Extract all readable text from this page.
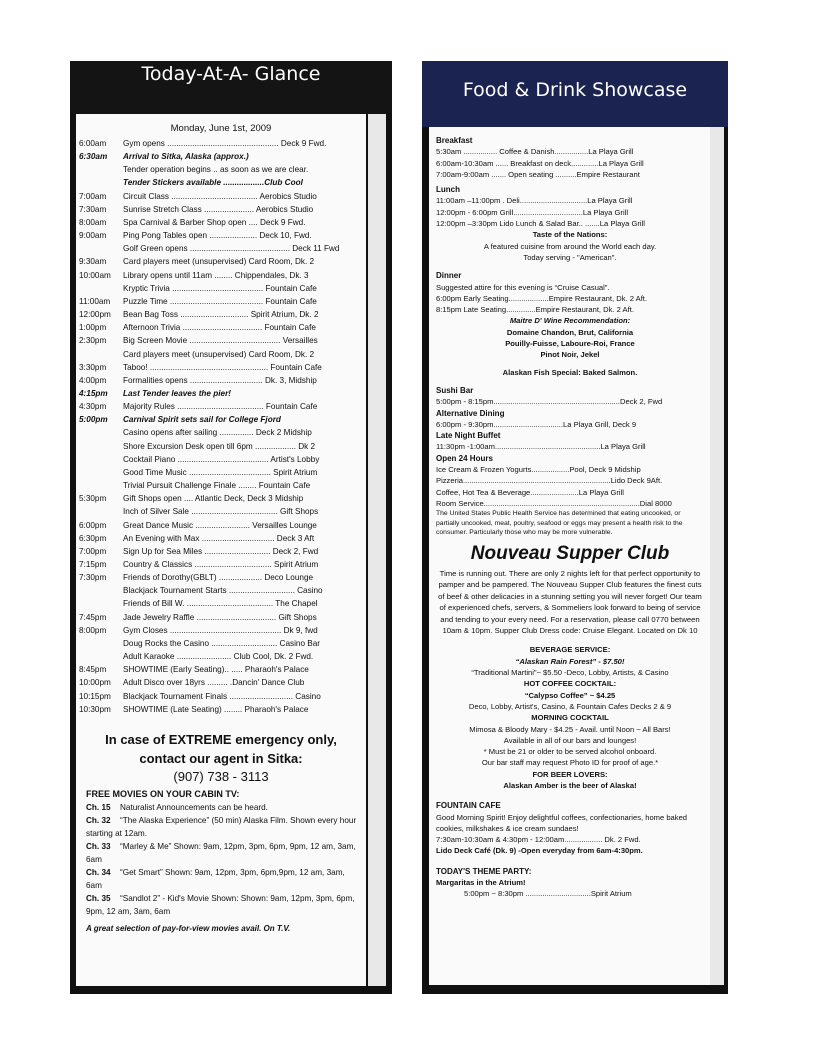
Today-At-A- Glance
Monday, June 1st, 2009
6:00am	Gym opens ................................................. Deck 9 Fwd.
6:30am	Arrival to Sitka, Alaska (approx.)
Tender operation begins .. as soon as we are clear.
Tender Stickers available ..................Club Cool
7:00am	Circuit Class ...................................... Aerobics Studio
7:30am	Sunrise Stretch Class ...................... Aerobics Studio
8:00am	Spa Carnival & Barber Shop open .... Deck 9 Fwd.
9:00am	Ping Pong Tables open ..................... Deck 10, Fwd.
Golf Green opens ............................................ Deck 11 Fwd
9:30am	Card players meet (unsupervised) Card Room, Dk. 2
10:00am	Library opens until 11am ........ Chippendales, Dk. 3
Kryptic Trivia ........................................ Fountain Cafe
11:00am	Puzzle Time ......................................... Fountain Cafe
12:00pm	Bean Bag Toss .............................. Spirit Atrium, Dk. 2
1:00pm	Afternoon Trivia ................................... Fountain Cafe
2:30pm	Big Screen Movie ........................................ Versailles
Card players meet (unsupervised) Card Room, Dk. 2
3:30pm	Taboo! .................................................... Fountain Cafe
4:00pm	Formalities opens ................................ Dk. 3, Midship
4:15pm	Last Tender leaves the pier!
4:30pm	Majority Rules ...................................... Fountain Cafe
5:00pm	Carnival Spirit sets sail for College Fjord
Casino opens after sailing ............... Deck 2 Midship
Shore Excursion Desk open till 6pm .................. Dk 2
Cocktail Piano ........................................ Artist's Lobby
Good Time Music .................................... Spirit Atrium
Trivial Pursuit Challenge Finale ........ Fountain Cafe
5:30pm	Gift Shops open .... Atlantic Deck, Deck 3 Midship
Inch of Silver Sale ...................................... Gift Shops
6:00pm	Great Dance Music ........................ Versailles Lounge
6:30pm	An Evening with Max ................................ Deck 3 Aft
7:00pm	Sign Up for Sea Miles ............................. Deck 2, Fwd
7:15pm	Country & Classics .................................. Spirit Atrium
7:30pm	Friends of Dorothy(GBLT) ................... Deco Lounge
Blackjack Tournament Starts ............................. Casino
Friends of Bill W. ...................................... The Chapel
7:45pm	Jade Jewelry Raffle ................................... Gift Shops
8:00pm	Gym Closes ................................................. Dk 9, fwd
Doug Rocks the Casino ............................. Casino Bar
Adult Karaoke ........................ Club Cool, Dk. 2 Fwd.
8:45pm	SHOWTIME (Early Seating).. ..... Pharaoh's Palace
10:00pm	Adult Disco over 18yrs ......... .Dancin' Dance Club
10:15pm	Blackjack Tournament Finals ............................ Casino
10:30pm	SHOWTIME (Late Seating) ........ Pharaoh's Palace
In case of EXTREME emergency only,
contact our agent in Sitka:
(907) 738 - 3113
FREE MOVIES ON YOUR CABIN TV:
Ch. 15 Naturalist Announcements can be heard.
Ch. 32 “The Alaska Experience” (50 min) Alaska Film. Shown every hour starting at 12am.
Ch. 33 “Marley & Me” Shown: 9am, 12pm, 3pm, 6pm, 9pm, 12 am, 3am, 6am
Ch. 34 “Get Smart” Shown: 9am, 12pm, 3pm, 6pm,9pm, 12 am, 3am, 6am
Ch. 35 “Sandlot 2” - Kid's Movie Shown: Shown: 9am, 12pm, 3pm, 6pm, 9pm, 12 am, 3am, 6am
A great selection of pay-for-view movies avail. On T.V.
Food & Drink Showcase
Breakfast
5:30am ................ Coffee & Danish................La Playa Grill
6:00am-10:30am ...... Breakfast on deck.............La Playa Grill
7:00am-9:00am ....... Open seating ..........Empire Restaurant
Lunch
11:00am –11:00pm . Deli................................La Playa Grill
12:00pm - 6:00pm Grill.................................La Playa Grill
12:00pm –3:30pm Lido Lunch & Salad Bar.. .......La Playa Grill
Taste of the Nations:
A featured cuisine from around the World each day.
Today serving - "American".
Dinner
Suggested attire for this evening is “Cruise Casual”.
6:00pm Early Seating...................Empire Restaurant, Dk. 2 Aft.
8:15pm Late Seating..............Empire Restaurant, Dk. 2 Aft.
Maitre D' Wine Recommendation:
Domaine Chandon, Brut, California
Pouilly-Fuisse, Laboure-Roi, France
Pinot Noir, Jekel
Alaskan Fish Special: Baked Salmon.
Sushi Bar
5:00pm - 8:15pm............................................................Deck 2, Fwd
Alternative Dining
6:00pm - 9:30pm.................................La Playa Grill, Deck 9
Late Night Buffet
11:30pm -1:00am..................................................La Playa Grill
Open 24 Hours
Ice Cream & Frozen Yogurts..................Pool, Deck 9 Midship
Pizzeria......................................................................Lido Deck 9Aft.
Coffee, Hot Tea & Beverage.......................La Playa Grill
Room Service..........................................................................Dial 8000
The United States Public Health Service has determined that eating uncooked, or partially uncooked, meat, poultry, seafood or eggs may present a health risk to the consumer. Particularly those who may be more vulnerable.
Nouveau Supper Club
Time is running out. There are only 2 nights left for that perfect opportunity to pamper and be pampered. The Nouveau Supper Club features the finest cuts of beef & other delicacies in a stunning setting you will never forget! Our team of experienced chefs, servers, & Sommeliers look forward to being of service and tending to your every need. For a reservation, please call 0770 between 10am & 10pm. Supper Club Dress code: Cruise Elegant. Located on Dk 10
BEVERAGE SERVICE:
“Alaskan Rain Forest” - $7.50!
“Traditional Martini”~ $5.50 -Deco, Lobby, Artists, & Casino
HOT COFFEE COCKTAIL:
“Calypso Coffee” ~ $4.25
Deco, Lobby, Artist's, Casino, & Fountain Cafes Decks 2 & 9
MORNING COCKTAIL
Mimosa & Bloody Mary - $4.25 - Avail. until Noon ~ All Bars!
Available in all of our bars and lounges!
* Must be 21 or older to be served alcohol onboard.
Our bar staff may request Photo ID for proof of age.*
FOR BEER LOVERS:
Alaskan Amber is the beer of Alaska!
FOUNTAIN CAFE
Good Morning Spirit! Enjoy delightful coffees, confectionaries, home baked cookies, milkshakes & ice cream sundaes!
7:30am-10:30am & 4:30pm - 12:00am.................. Dk. 2 Fwd.
Lido Deck Café (Dk. 9) -Open everyday from 6am-4:30pm.
TODAY'S THEME PARTY:
Margaritas in the Atrium!
5:00pm ~ 8:30pm ...............................Spirit Atrium
